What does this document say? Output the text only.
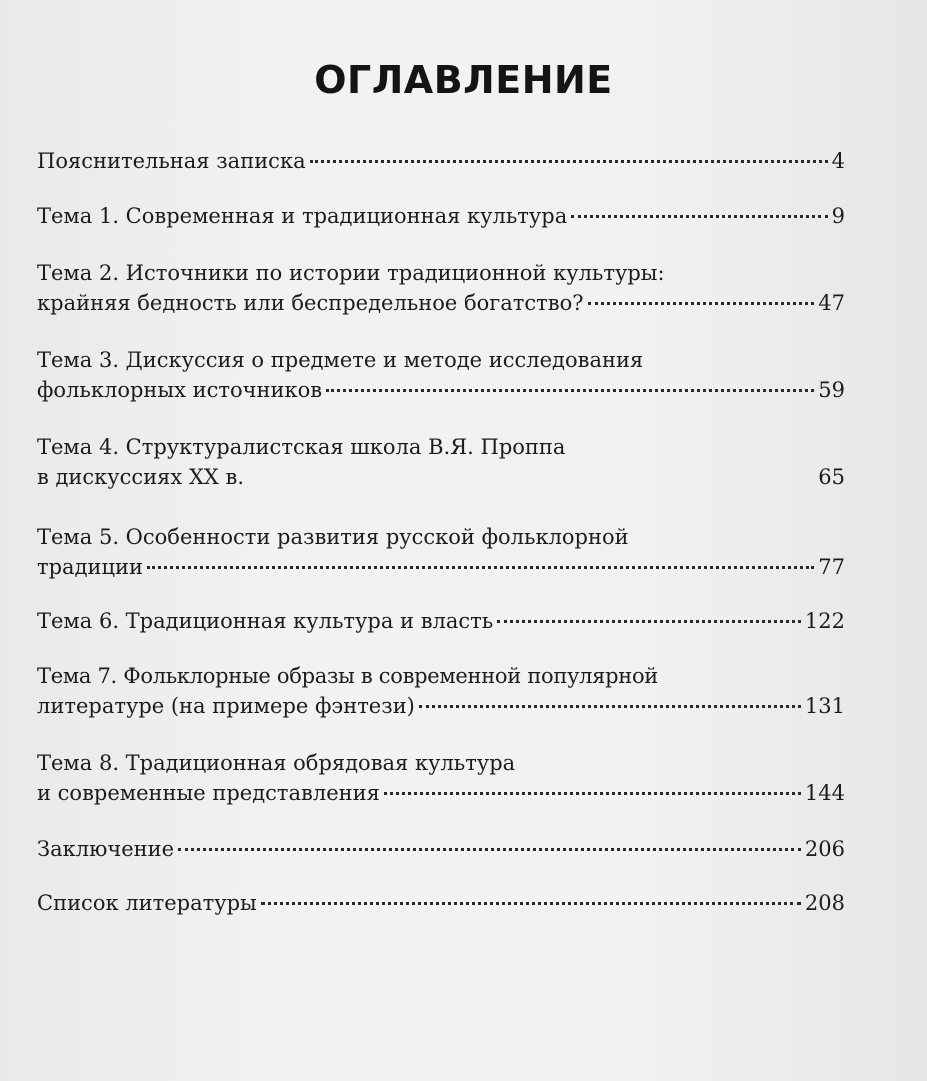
ОГЛАВЛЕНИЕ
Пояснительная записка	4
Тема 1. Современная и традиционная культура	9
Тема 2. Источники по истории традиционной культуры:
крайняя бедность или беспредельное богатство?	47
Тема 3. Дискуссия о предмете и методе исследования
фольклорных источников	59
Тема 4. Структуралистская школа В.Я. Проппа
в дискуссиях XX в.	65
Тема 5. Особенности развития русской фольклорной
традиции	77
Тема 6. Традиционная культура и власть	122
Тема 7. Фольклорные образы в современной популярной
литературе (на примере фэнтези)	131
Тема 8. Традиционная обрядовая культура
и современные представления	144
Заключение	206
Список литературы	208
